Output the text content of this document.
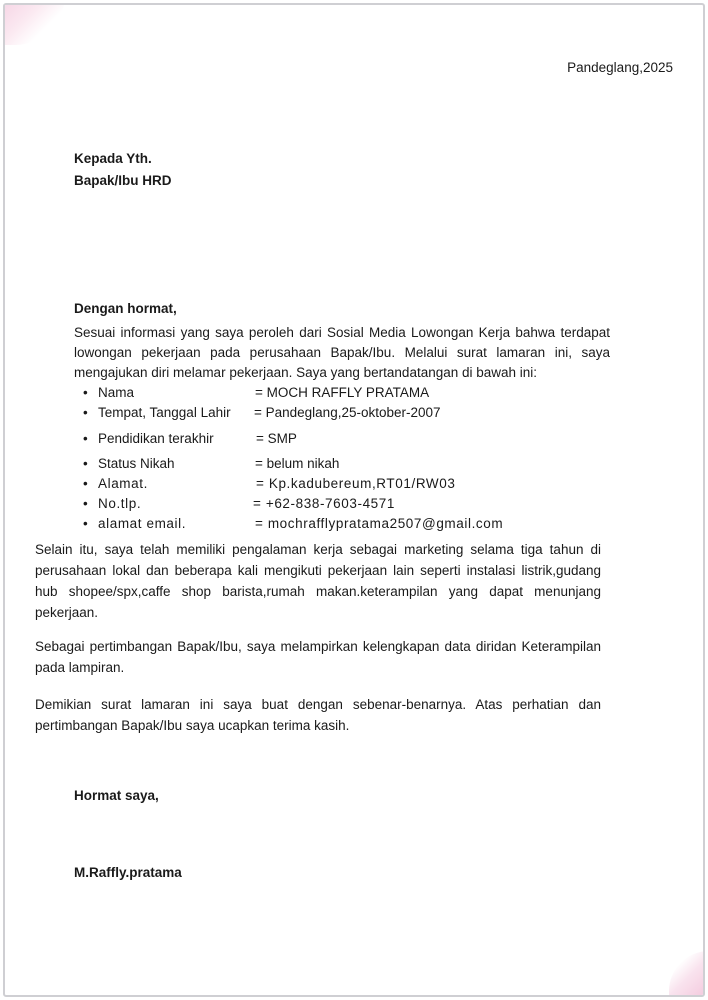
Pandeglang,2025
Kepada Yth.
Bapak/Ibu HRD
Dengan hormat,
Sesuai informasi yang saya peroleh dari Sosial Media Lowongan Kerja bahwa terdapat lowongan pekerjaan pada perusahaan Bapak/Ibu. Melalui surat lamaran ini, saya mengajukan diri melamar pekerjaan. Saya yang bertandatangan di bawah ini:
• Nama	= MOCH RAFFLY PRATAMA
• Tempat, Tanggal Lahir = Pandeglang,25-oktober-2007
• Pendidikan terakhir	= SMP
• Status Nikah	= belum nikah
• Alamat.	= Kp.kadubereum,RT01/RW03
• No.tlp.	= +62-838-7603-4571
• alamat email.	= mochrafflypratama2507@gmail.com
Selain itu, saya telah memiliki pengalaman kerja sebagai marketing selama tiga tahun di perusahaan lokal dan beberapa kali mengikuti pekerjaan lain seperti instalasi listrik,gudang hub shopee/spx,caffe shop barista,rumah makan.keterampilan yang dapat menunjang pekerjaan.
Sebagai pertimbangan Bapak/Ibu, saya melampirkan kelengkapan data diridan Keterampilan pada lampiran.
Demikian surat lamaran ini saya buat dengan sebenar-benarnya. Atas perhatian dan pertimbangan Bapak/Ibu saya ucapkan terima kasih.
Hormat saya,
M.Raffly.pratama
